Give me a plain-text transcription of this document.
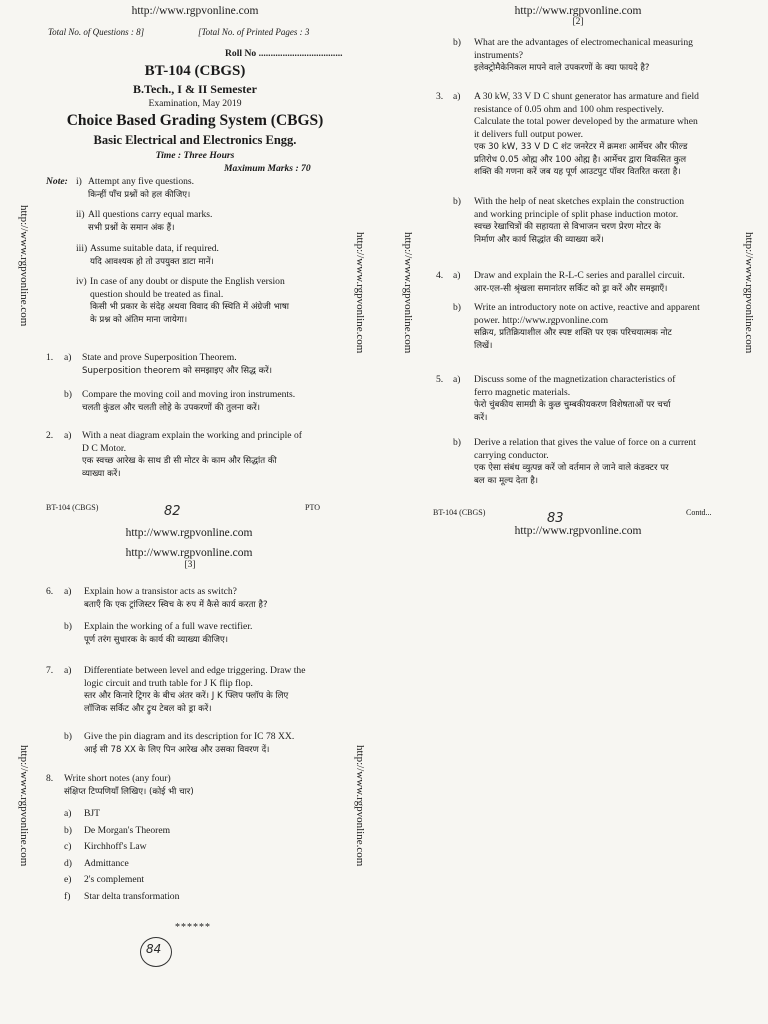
http://www.rgpvonline.com
Total No. of Questions : 8]	[Total No. of Printed Pages : 3
Roll No ...................................
BT-104 (CBGS)
B.Tech., I & II Semester
Examination, May 2019
Choice Based Grading System (CBGS)
Basic Electrical and Electronics Engg.
Time : Three Hours
Maximum Marks : 70
Note: i) Attempt any five questions.
किन्हीं पाँच प्रश्नों को हल कीजिए।
ii) All questions carry equal marks.
सभी प्रश्नों के समान अंक हैं।
iii) Assume suitable data, if required.
यदि आवश्यक हो तो उपयुक्त डाटा मानें।
iv) In case of any doubt or dispute the English version
question should be treated as final.
किसी भी प्रकार के संदेह अथवा विवाद की स्थिति में अंग्रेजी भाषा
के प्रश्न को अंतिम माना जायेगा।
1. a) State and prove Superposition Theorem.
Superposition theorem को समझाइए और सिद्ध करें।
b) Compare the moving coil and moving iron instruments.
चलती कुंडल और चलती लोहे के उपकरणों की तुलना करें।
2. a) With a neat diagram explain the working and principle of
D C Motor.
एक स्वच्छ आरेख के साथ डी सी मोटर के काम और सिद्धांत की
व्याख्या करें।
BT-104 (CBGS)	PTO
82
http://www.rgpvonline.com
[2]
b) What are the advantages of electromechanical measuring
instruments?
इलेक्ट्रोमैकेनिकल मापने वाले उपकरणों के क्या फायदे है?
3. a) A 30 kW, 33 V D C shunt generator has armature and field
resistance of 0.05 ohm and 100 ohm respectively.
Calculate the total power developed by the armature when
it delivers full output power.
एक 30 kW, 33 V D C शंट जनरेटर में क्रमशः आर्मेचर और फील्ड
प्रतिरोध 0.05 ओह्म और 100 ओह्म है। आर्मेचर द्वारा विकसित कुल
शक्ति की गणना करें जब यह पूर्ण आउटपुट पॉवर वितरित करता है।
b) With the help of neat sketches explain the construction
and working principle of split phase induction motor.
स्वच्छ रेखाचित्रों की सहायता से विभाजन चरण प्रेरण मोटर के
निर्माण और कार्य सिद्धांत की व्याख्या करें।
4. a) Draw and explain the R-L-C series and parallel circuit.
आर-एल-सी श्रृंखला समानांतर सर्किट को ड्रा करें और समझाएँ।
b) Write an introductory note on active, reactive and apparent
power. http://www.rgpvonline.com
सक्रिय, प्रतिक्रियाशील और स्पष्ट शक्ति पर एक परिचयात्मक नोट
लिखें।
5. a) Discuss some of the magnetization characteristics of
ferro magnetic materials.
फेरो चुंबकीय सामग्री के कुछ चुम्बकीयकरण विशेषताओं पर चर्चा
करें।
b) Derive a relation that gives the value of force on a current
carrying conductor.
एक ऐसा संबंध व्युत्पन्न करें जो वर्तमान ले जाने वाले कंडक्टर पर
बल का मूल्य देता है।
BT-104 (CBGS)	Contd...
83
http://www.rgpvonline.com
http://www.rgpvonline.com
http://www.rgpvonline.com
[3]
6. a) Explain how a transistor acts as switch?
बताएँ कि एक ट्रांजिस्टर स्विच के रुप में कैसे कार्य करता है?
b) Explain the working of a full wave rectifier.
पूर्ण तरंग सुधारक के कार्य की व्याख्या कीजिए।
7. a) Differentiate between level and edge triggering. Draw the
logic circuit and truth table for J K flip flop.
स्तर और किनारे ट्रिगर के बीच अंतर करें। J K फ्लिप फ्लॉप के लिए
लॉजिक सर्किट और ट्रुथ टेबल को ड्रा करें।
b) Give the pin diagram and its description for IC 78 XX.
आई सी 78 XX के लिए पिन आरेख और उसका विवरण दें।
8. Write short notes (any four)
संक्षिप्त टिप्पणियाँ लिखिए। (कोई भी चार)
a) BJT
b) De Morgan's Theorem
c) Kirchhoff's Law
d) Admittance
e) 2's complement
f) Star delta transformation
******
84
http://www.rgpvonline.com	http://www.rgpvonline.com	http://www.rgpvonline.com	http://www.rgpvonline.com
http://www.rgpvonline.com	http://www.rgpvonline.com
